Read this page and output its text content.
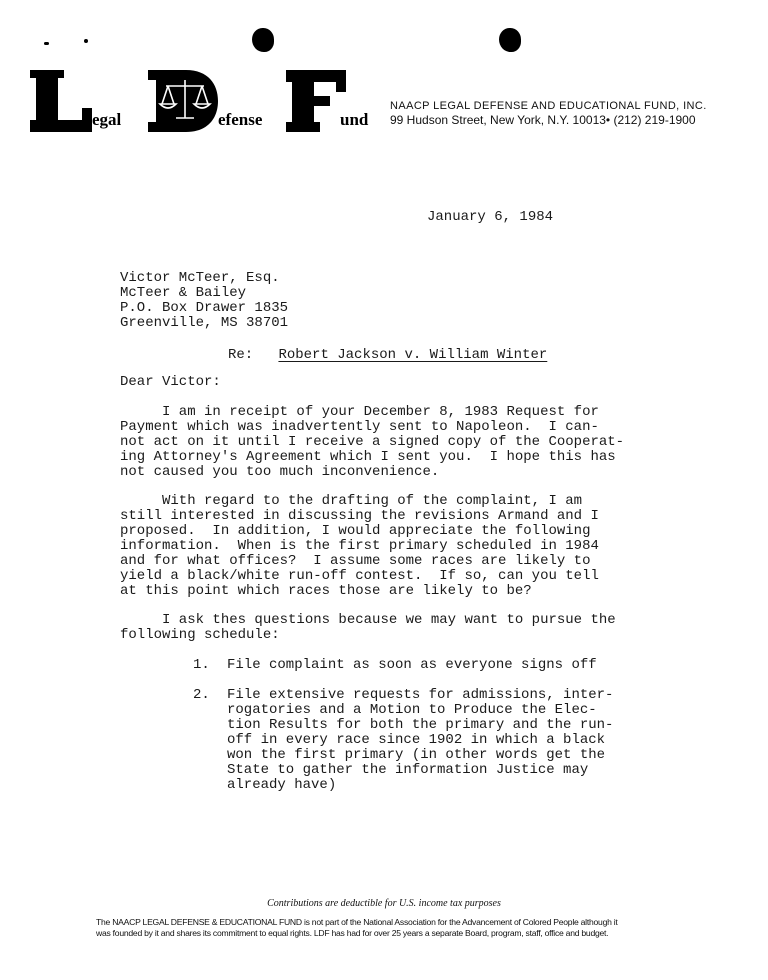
egal	efense	und
NAACP LEGAL DEFENSE AND EDUCATIONAL FUND, INC.
99 Hudson Street, New York, N.Y. 10013• (212) 219-1900
January 6, 1984
Victor McTeer, Esq.
McTeer & Bailey
P.O. Box Drawer 1835
Greenville, MS 38701
Re: Robert Jackson v. William Winter
Dear Victor:
I am in receipt of your December 8, 1983 Request for
Payment which was inadvertently sent to Napoleon.  I can-
not act on it until I receive a signed copy of the Cooperat-
ing Attorney's Agreement which I sent you.  I hope this has
not caused you too much inconvenience.
With regard to the drafting of the complaint, I am
still interested in discussing the revisions Armand and I
proposed.  In addition, I would appreciate the following
information.  When is the first primary scheduled in 1984
and for what offices?  I assume some races are likely to
yield a black/white run-off contest.  If so, can you tell
at this point which races those are likely to be?
I ask thes questions because we may want to pursue the
following schedule:
1. File complaint as soon as everyone signs off
2. File extensive requests for admissions, inter-
rogatories and a Motion to Produce the Elec-
tion Results for both the primary and the run-
off in every race since 1902 in which a black
won the first primary (in other words get the
State to gather the information Justice may
already have)
Contributions are deductible for U.S. income tax purposes
The NAACP LEGAL DEFENSE & EDUCATIONAL FUND is not part of the National Association for the Advancement of Colored People although it
was founded by it and shares its commitment to equal rights. LDF has had for over 25 years a separate Board, program, staff, office and budget.
